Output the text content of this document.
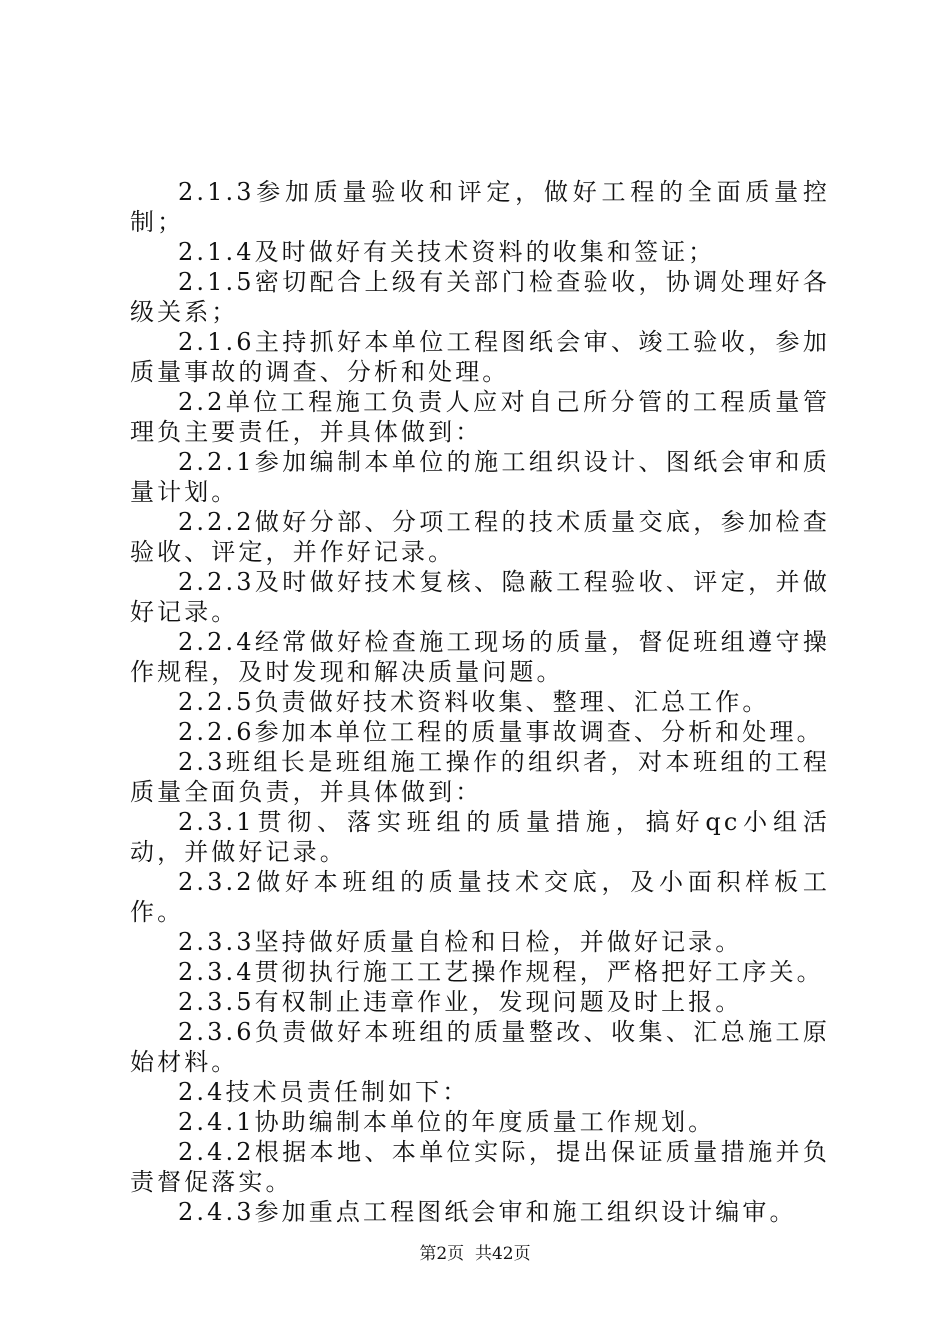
2.1.3参加质量验收和评定，做好工程的全面质量控制；

2.1.4及时做好有关技术资料的收集和签证；

2.1.5密切配合上级有关部门检查验收，协调处理好各级关系；

2.1.6主持抓好本单位工程图纸会审、竣工验收，参加质量事故的调查、分析和处理。

2.2单位工程施工负责人应对自己所分管的工程质量管理负主要责任，并具体做到：

2.2.1参加编制本单位的施工组织设计、图纸会审和质量计划。

2.2.2做好分部、分项工程的技术质量交底，参加检查验收、评定，并作好记录。

2.2.3及时做好技术复核、隐蔽工程验收、评定，并做好记录。

2.2.4经常做好检查施工现场的质量，督促班组遵守操作规程，及时发现和解决质量问题。

2.2.5负责做好技术资料收集、整理、汇总工作。

2.2.6参加本单位工程的质量事故调查、分析和处理。

2.3班组长是班组施工操作的组织者，对本班组的工程质量全面负责，并具体做到：

2.3.1贯彻、落实班组的质量措施，搞好qc小组活动，并做好记录。

2.3.2做好本班组的质量技术交底，及小面积样板工作。

2.3.3坚持做好质量自检和日检，并做好记录。

2.3.4贯彻执行施工工艺操作规程，严格把好工序关。

2.3.5有权制止违章作业，发现问题及时上报。

2.3.6负责做好本班组的质量整改、收集、汇总施工原始材料。

2.4技术员责任制如下：

2.4.1协助编制本单位的年度质量工作规划。

2.4.2根据本地、本单位实际，提出保证质量措施并负责督促落实。

2.4.3参加重点工程图纸会审和施工组织设计编审。

第2页  共42页
